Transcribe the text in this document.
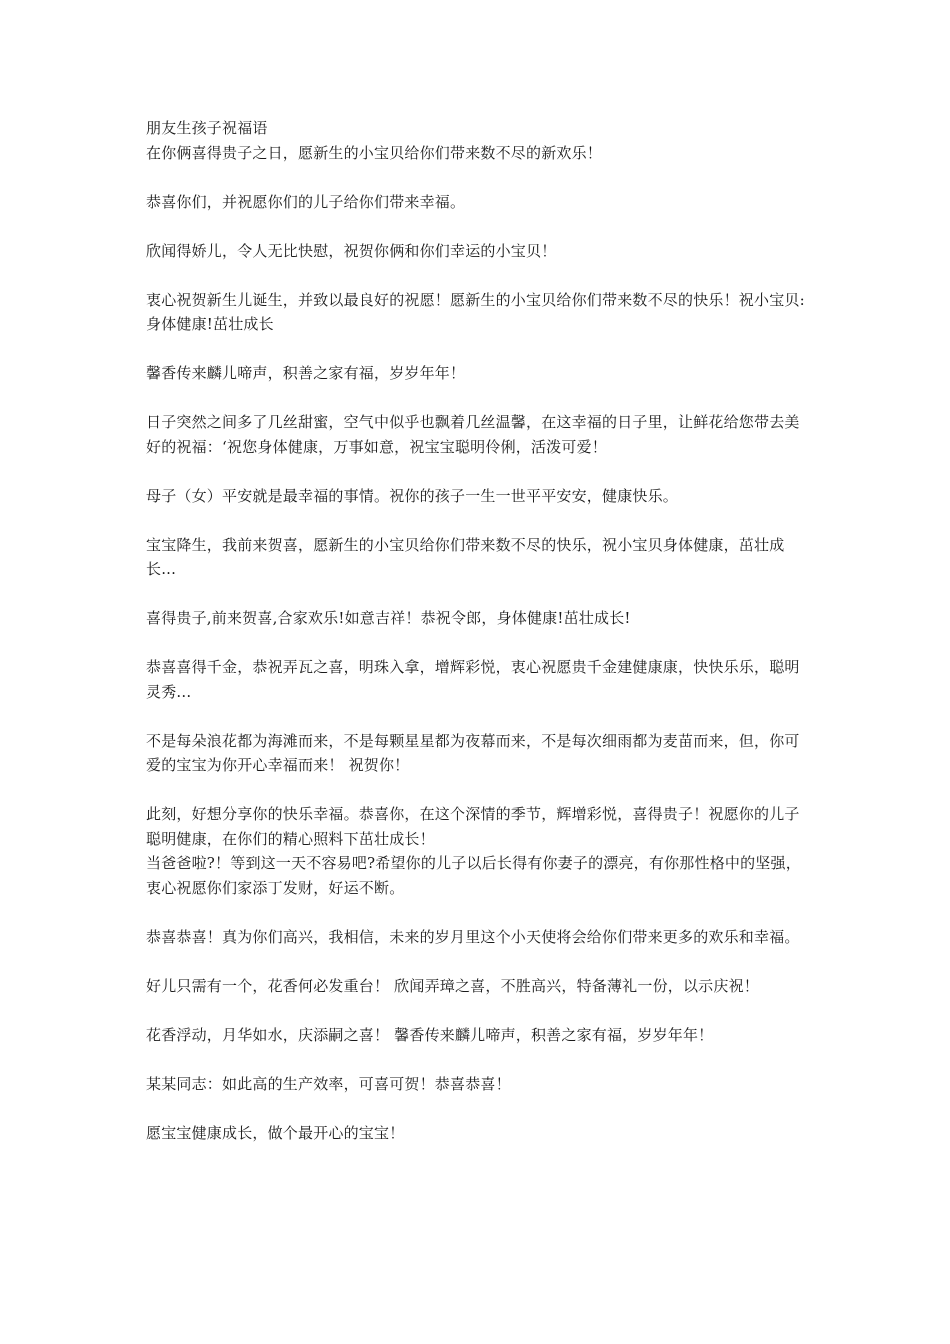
朋友生孩子祝福语

在你俩喜得贵子之日，愿新生的小宝贝给你们带来数不尽的新欢乐！

恭喜你们，并祝愿你们的儿子给你们带来幸福。

欣闻得娇儿，令人无比快慰，祝贺你俩和你们幸运的小宝贝！

衷心祝贺新生儿诞生，并致以最良好的祝愿！愿新生的小宝贝给你们带来数不尽的快乐！祝小宝贝:身体健康!茁壮成长

馨香传来麟儿啼声，积善之家有福，岁岁年年！

日子突然之间多了几丝甜蜜，空气中似乎也飘着几丝温馨，在这幸福的日子里，让鲜花给您带去美好的祝福：‘祝您身体健康，万事如意，祝宝宝聪明伶俐，活泼可爱！

母子（女）平安就是最幸福的事情。祝你的孩子一生一世平平安安，健康快乐。

宝宝降生，我前来贺喜，愿新生的小宝贝给你们带来数不尽的快乐，祝小宝贝身体健康，茁壮成长...

喜得贵子,前来贺喜,合家欢乐!如意吉祥！恭祝令郎，身体健康!茁壮成长!

恭喜喜得千金，恭祝弄瓦之喜，明珠入拿，增辉彩悦，衷心祝愿贵千金建健康康，快快乐乐，聪明灵秀...

不是每朵浪花都为海滩而来，不是每颗星星都为夜幕而来，不是每次细雨都为麦苗而来，但，你可爱的宝宝为你开心幸福而来！ 祝贺你！

此刻，好想分享你的快乐幸福。恭喜你，在这个深情的季节，辉增彩悦，喜得贵子！祝愿你的儿子聪明健康，在你们的精心照料下茁壮成长！

当爸爸啦?！等到这一天不容易吧?希望你的儿子以后长得有你妻子的漂亮，有你那性格中的坚强，衷心祝愿你们家添丁发财，好运不断。

恭喜恭喜！真为你们高兴，我相信，未来的岁月里这个小天使将会给你们带来更多的欢乐和幸福。

好儿只需有一个，花香何必发重台！ 欣闻弄璋之喜，不胜高兴，特备薄礼一份，以示庆祝！

花香浮动，月华如水，庆添嗣之喜！ 馨香传来麟儿啼声，积善之家有福，岁岁年年！

某某同志：如此高的生产效率，可喜可贺！恭喜恭喜！

愿宝宝健康成长，做个最开心的宝宝！
